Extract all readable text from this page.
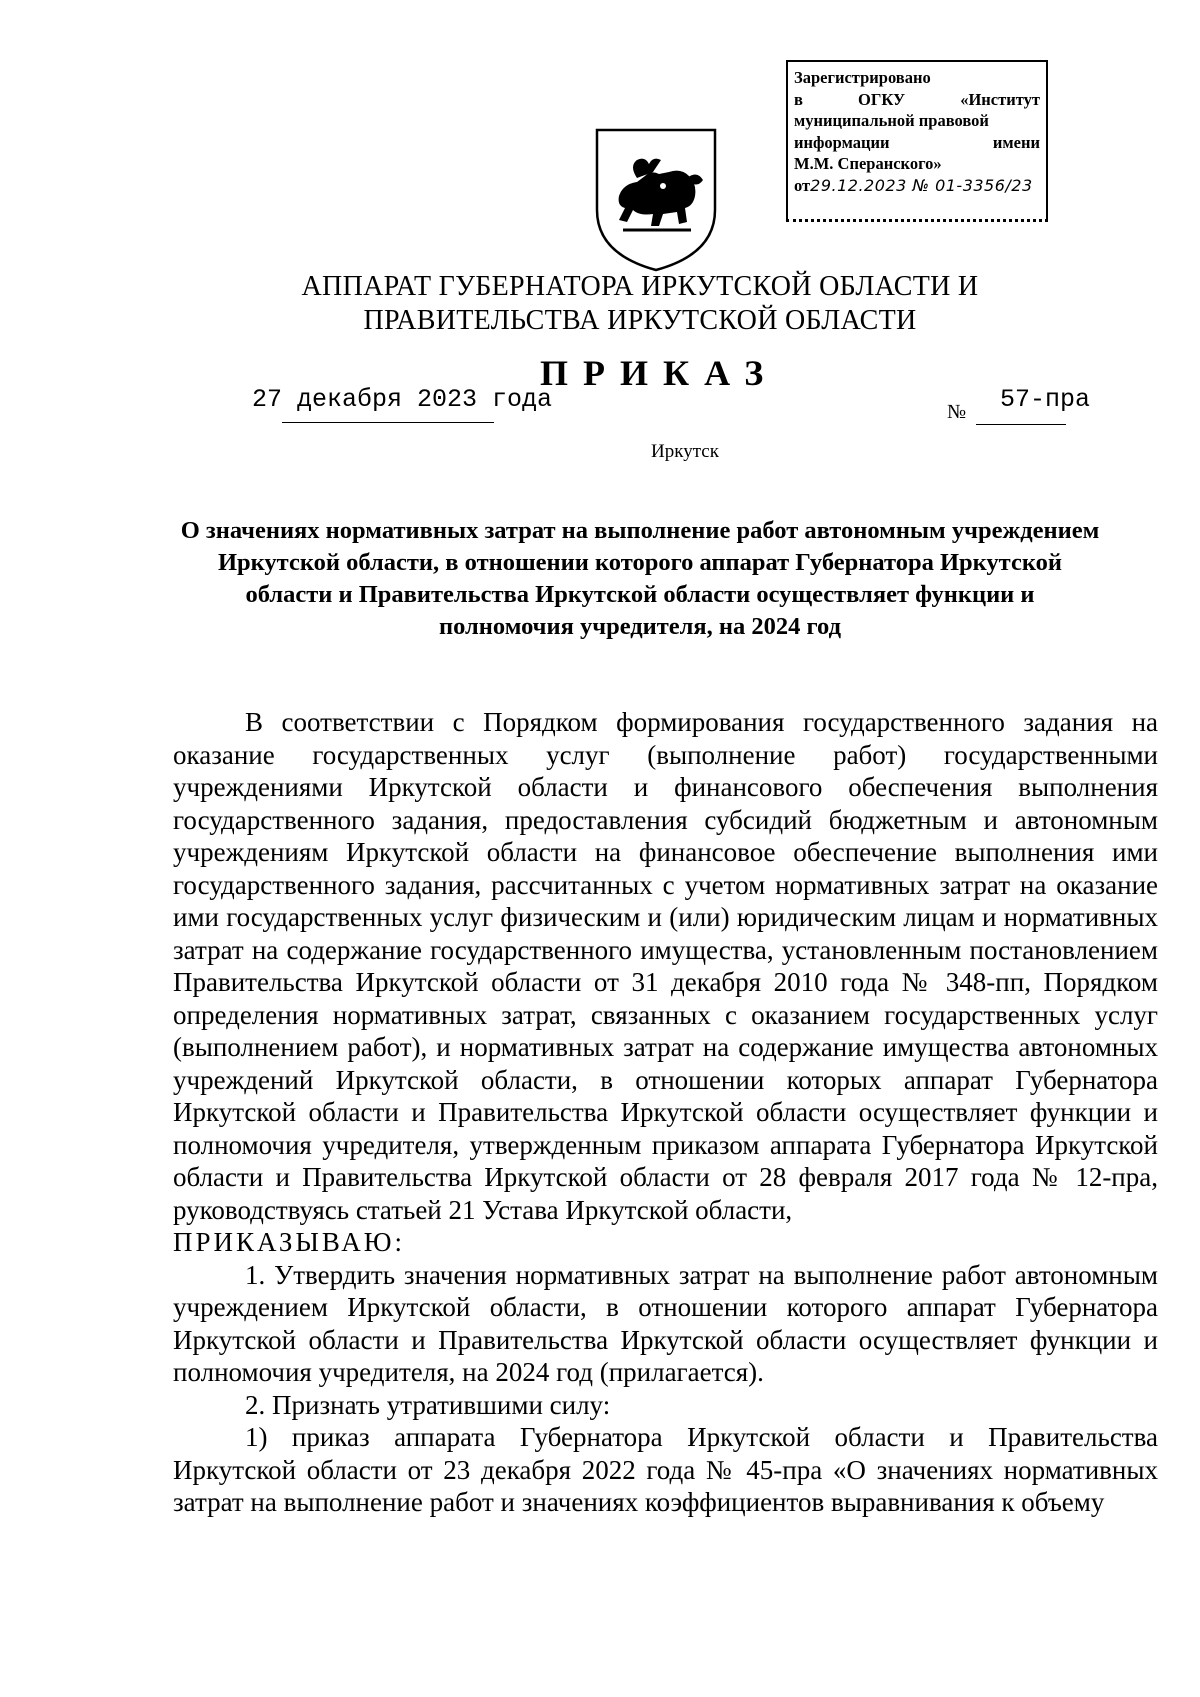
Зарегистрировано
в	ОГКУ	«Институт
муниципальной правовой
информации	имени
М.М. Сперанского»
от29.12.2023 № 01-3356/23
АППАРАТ ГУБЕРНАТОРА ИРКУТСКОЙ ОБЛАСТИ И
ПРАВИТЕЛЬСТВА ИРКУТСКОЙ ОБЛАСТИ
ПРИКАЗ
27 декабря 2023 года	№ 57-пра
Иркутск
О значениях нормативных затрат на выполнение работ автономным учреждением Иркутской области, в отношении которого аппарат Губернатора Иркутской области и Правительства Иркутской области осуществляет функции и полномочия учредителя, на 2024 год

В соответствии с Порядком формирования государственного задания на оказание государственных услуг (выполнение работ) государственными учреждениями Иркутской области и финансового обеспечения выполнения государственного задания, предоставления субсидий бюджетным и автономным учреждениям Иркутской области на финансовое обеспечение выполнения ими государственного задания, рассчитанных с учетом нормативных затрат на оказание ими государственных услуг физическим и (или) юридическим лицам и нормативных затрат на содержание государственного имущества, установленным постановлением Правительства Иркутской области от 31 декабря 2010 года № 348-пп, Порядком определения нормативных затрат, связанных с оказанием государственных услуг (выполнением работ), и нормативных затрат на содержание имущества автономных учреждений Иркутской области, в отношении которых аппарат Губернатора Иркутской области и Правительства Иркутской области осуществляет функции и полномочия учредителя, утвержденным приказом аппарата Губернатора Иркутской области и Правительства Иркутской области от 28 февраля 2017 года № 12-пра, руководствуясь статьей 21 Устава Иркутской области,

ПРИКАЗЫВАЮ:

1. Утвердить значения нормативных затрат на выполнение работ автономным учреждением Иркутской области, в отношении которого аппарат Губернатора Иркутской области и Правительства Иркутской области осуществляет функции и полномочия учредителя, на 2024 год (прилагается).

2. Признать утратившими силу:

1) приказ аппарата Губернатора Иркутской области и Правительства Иркутской области от 23 декабря 2022 года № 45-пра «О значениях нормативных затрат на выполнение работ и значениях коэффициентов выравнивания к объему
